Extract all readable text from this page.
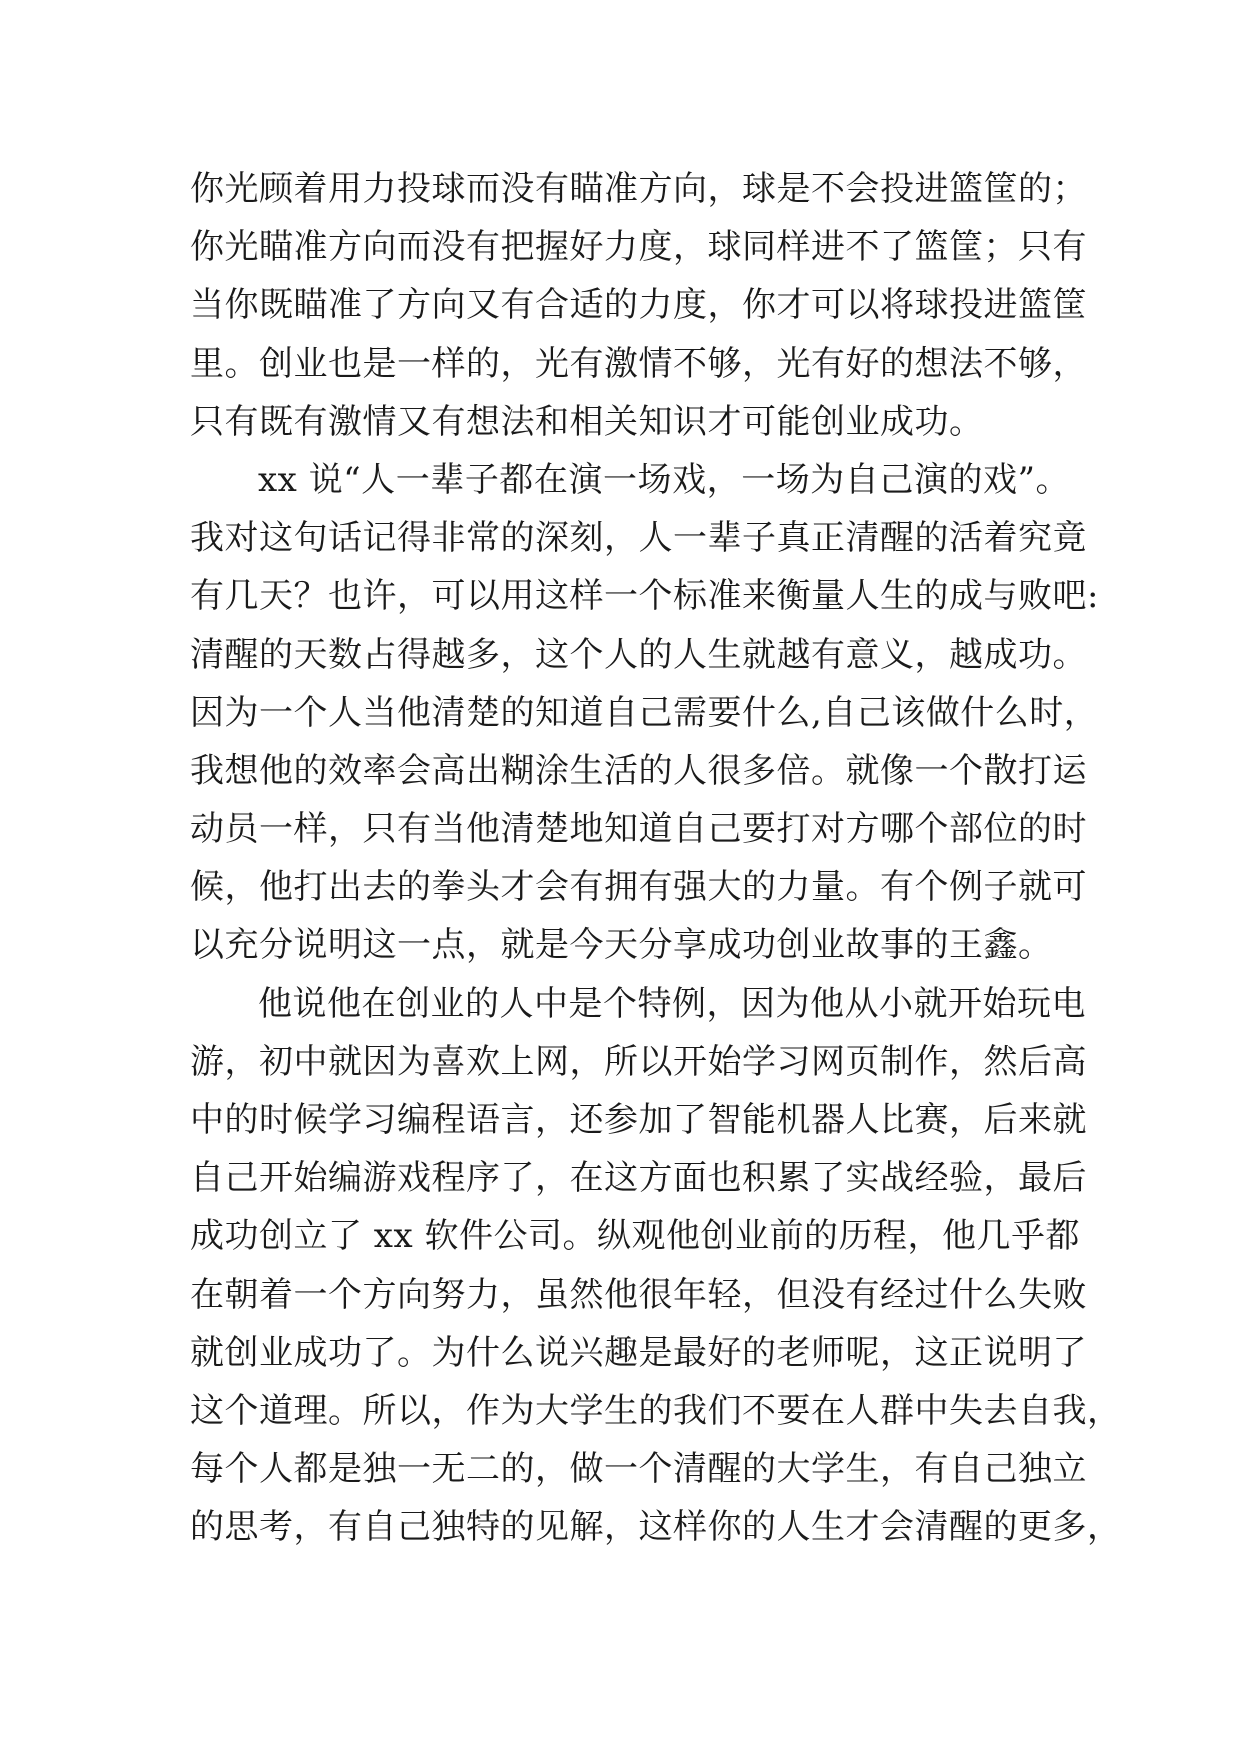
你光顾着用力投球而没有瞄准方向，球是不会投进篮筐的；
你光瞄准方向而没有把握好力度，球同样进不了篮筐；只有
当你既瞄准了方向又有合适的力度，你才可以将球投进篮筐
里。创业也是一样的，光有激情不够，光有好的想法不够，
只有既有激情又有想法和相关知识才可能创业成功。
xx 说“人一辈子都在演一场戏，一场为自己演的戏”。
我对这句话记得非常的深刻，人一辈子真正清醒的活着究竟
有几天？也许，可以用这样一个标准来衡量人生的成与败吧:
清醒的天数占得越多，这个人的人生就越有意义，越成功。
因为一个人当他清楚的知道自己需要什么,自己该做什么时，
我想他的效率会高出糊涂生活的人很多倍。就像一个散打运
动员一样，只有当他清楚地知道自己要打对方哪个部位的时
候，他打出去的拳头才会有拥有强大的力量。有个例子就可
以充分说明这一点，就是今天分享成功创业故事的王鑫。
他说他在创业的人中是个特例，因为他从小就开始玩电
游，初中就因为喜欢上网，所以开始学习网页制作，然后高
中的时候学习编程语言，还参加了智能机器人比赛，后来就
自己开始编游戏程序了，在这方面也积累了实战经验，最后
成功创立了 xx 软件公司。纵观他创业前的历程，他几乎都
在朝着一个方向努力，虽然他很年轻，但没有经过什么失败
就创业成功了。为什么说兴趣是最好的老师呢，这正说明了
这个道理。所以，作为大学生的我们不要在人群中失去自我，
每个人都是独一无二的，做一个清醒的大学生，有自己独立
的思考，有自己独特的见解，这样你的人生才会清醒的更多，
